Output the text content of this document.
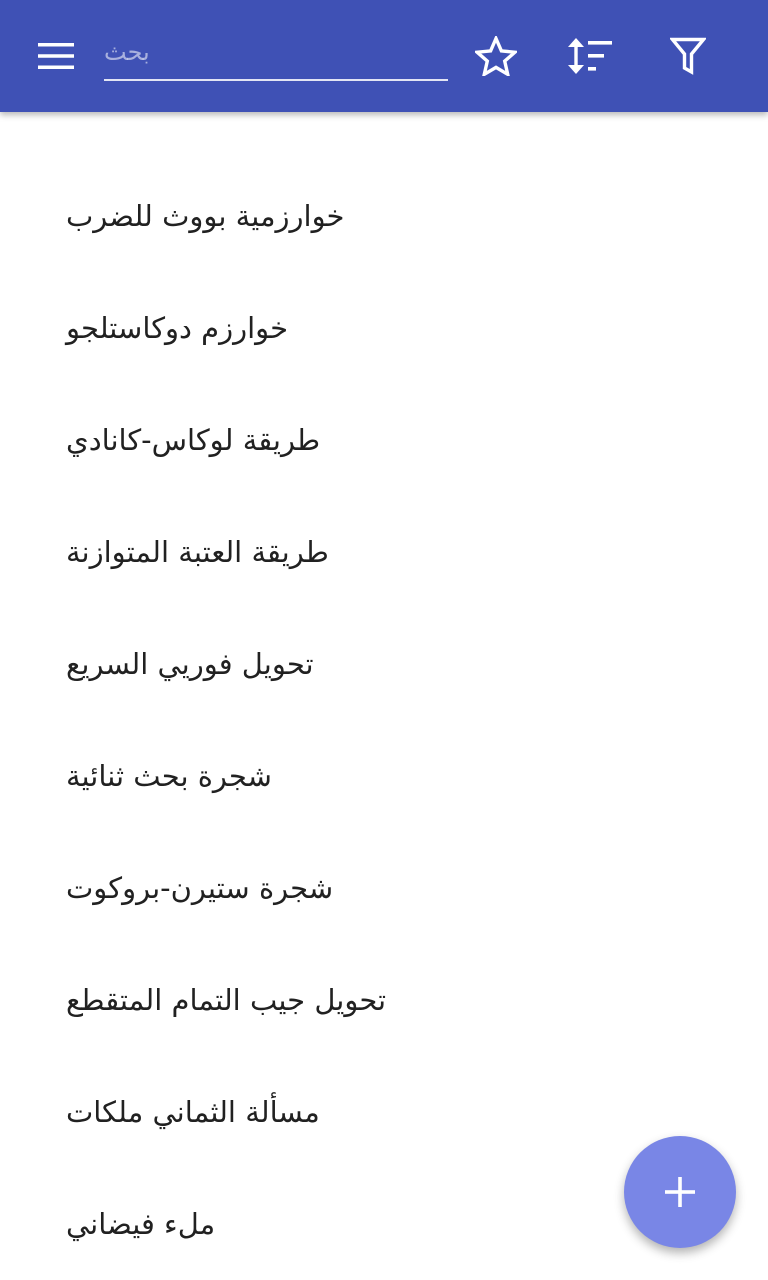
بحث
خوارزمية بووث للضرب
خوارزم دوكاستلجو
طريقة لوكاس-كانادي
طريقة العتبة المتوازنة
تحويل فوريي السريع
شجرة بحث ثنائية
شجرة ستيرن-بروكوت
تحويل جيب التمام المتقطع
مسألة الثماني ملكات
ملء فيضاني
